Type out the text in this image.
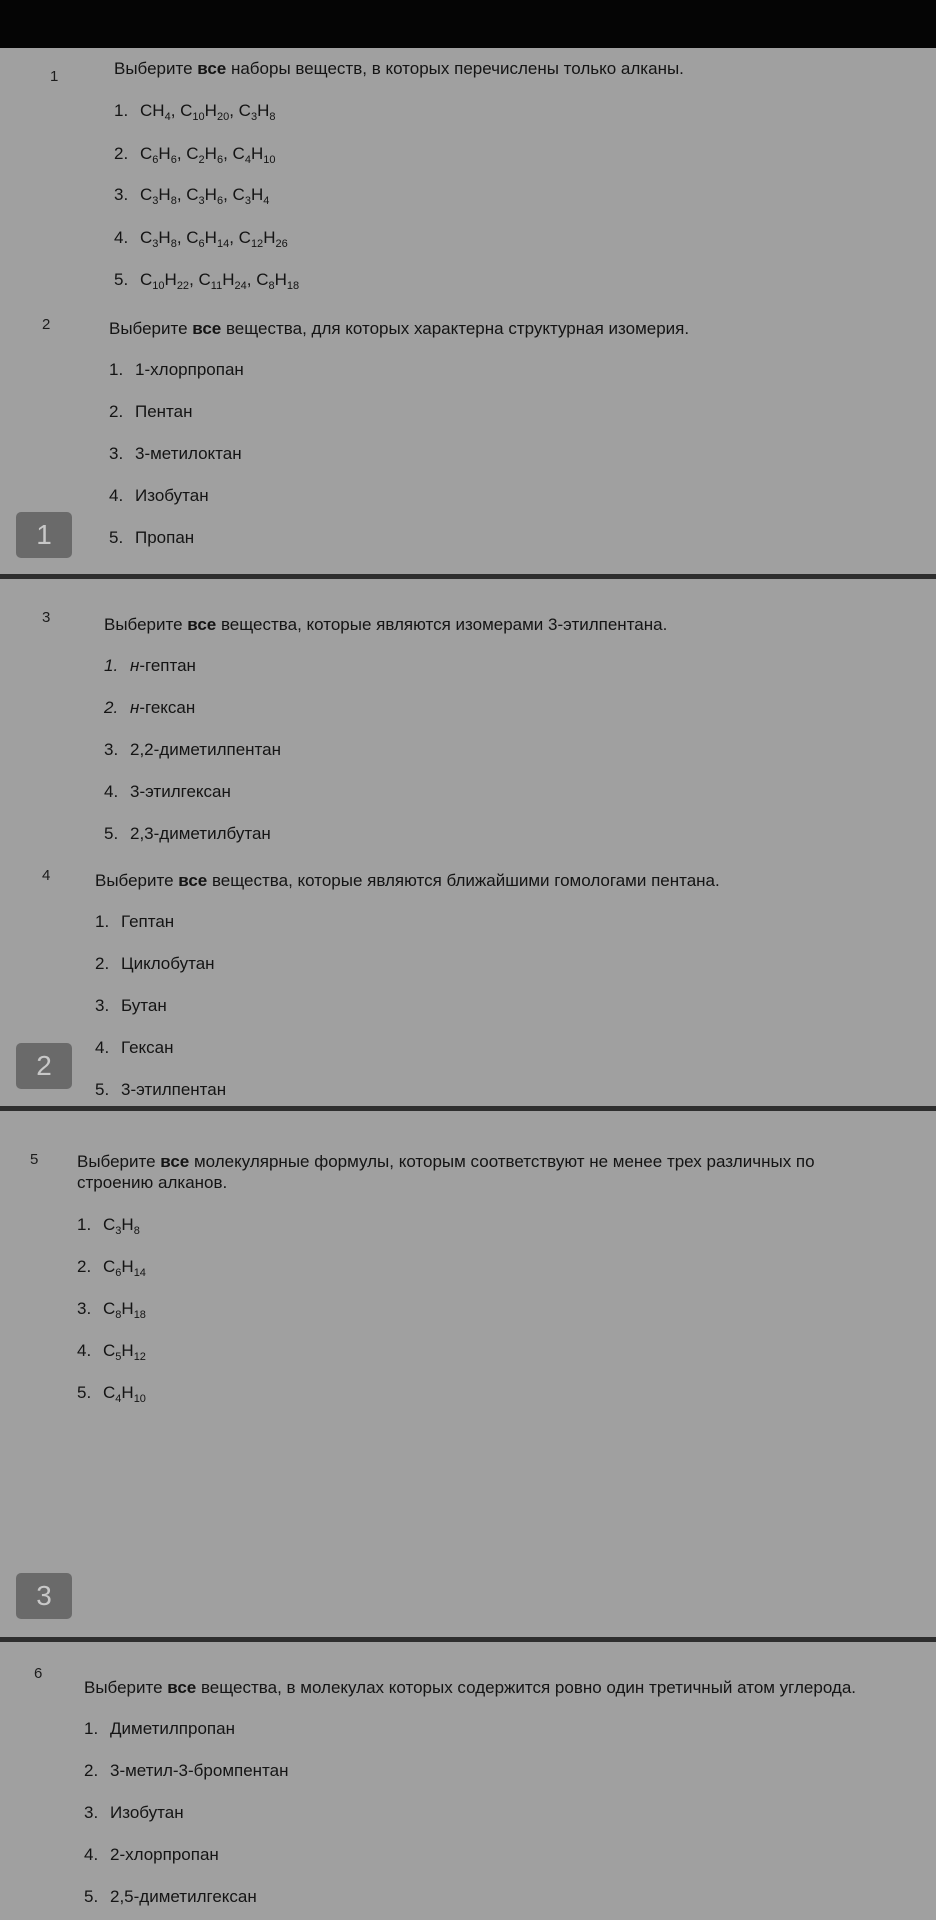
1	Выберите все наборы веществ, в которых перечислены только алканы.
1. $CH_4$, $C_{10}H_{20}$, $C_3H_8$
2. $C_6H_6$, $C_2H_6$, $C_4H_{10}$
3. $C_3H_8$, $C_3H_6$, $C_3H_4$
4. $C_3H_8$, $C_6H_{14}$, $C_{12}H_{26}$
5. $C_{10}H_{22}$, $C_{11}H_{24}$, $C_8H_{18}$
2	Выберите все вещества, для которых характерна структурная изомерия.
1. 1-хлорпропан
2. Пентан
3. 3-метилоктан
4. Изобутан
5. Пропан
1
3	Выберите все вещества, которые являются изомерами 3-этилпентана.
1. н-гептан
2. н-гексан
3. 2,2-диметилпентан
4. 3-этилгексан
5. 2,3-диметилбутан
4	Выберите все вещества, которые являются ближайшими гомологами пентана.
1. Гептан
2. Циклобутан
3. Бутан
4. Гексан
5. 3-этилпентан
2
5 Выберите все молекулярные формулы, которым соответствуют не менее трех различных по
строению алканов.
1. $C_3H_8$
2. $C_6H_{14}$
3. $C_8H_{18}$
4. $C_5H_{12}$
5. $C_4H_{10}$
3
6
Выберите все вещества, в молекулах которых содержится ровно один третичный атом углерода.
1. Диметилпропан
2. 3-метил-3-бромпентан
3. Изобутан
4. 2-хлорпропан
5. 2,5-диметилгексан
